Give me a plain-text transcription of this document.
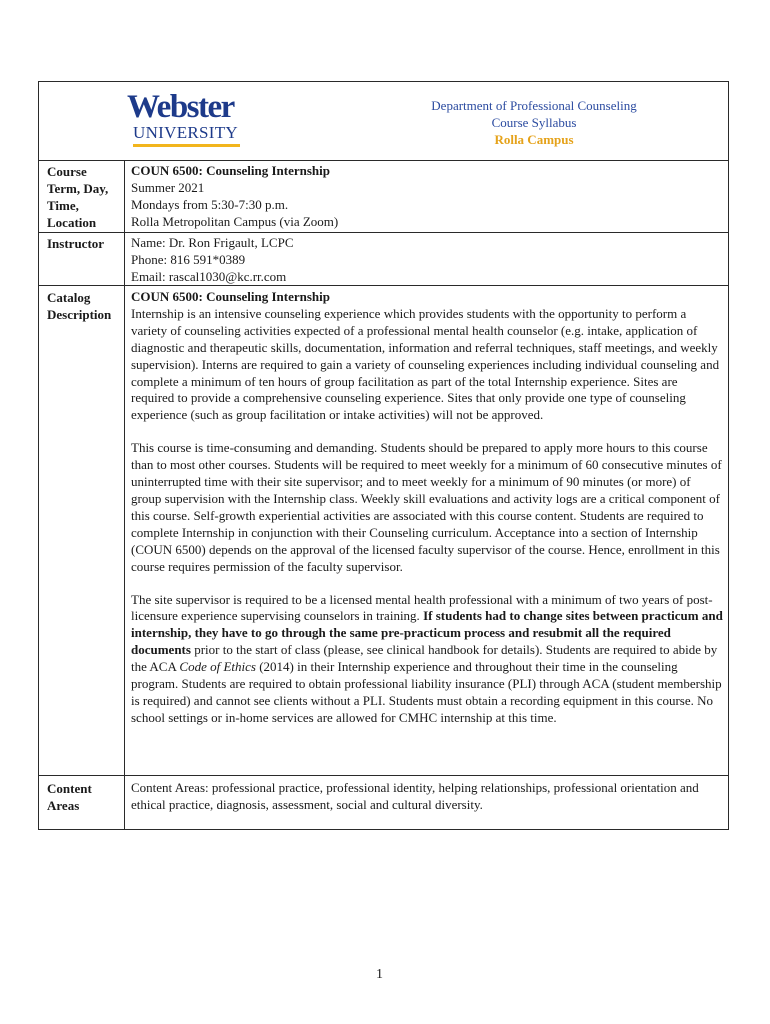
Webster
UNIVERSITY
Department of Professional Counseling
Course Syllabus
Rolla Campus
Course	COUN 6500: Counseling Internship
Term, Day,
Time,
Location
Summer 2021
Mondays from 5:30-7:30 p.m.
Rolla Metropolitan Campus (via Zoom)
Instructor Name: Dr. Ron Frigault, LCPC
Phone: 816 591*0389
Email: rascal1030@kc.rr.com
Catalog
Description
COUN 6500: Counseling Internship

Internship is an intensive counseling experience which provides students with the opportunity to perform a variety of counseling activities expected of a professional mental health counselor (e.g. intake, application of diagnostic and therapeutic skills, documentation, information and referral techniques, staff meetings, and weekly supervision). Interns are required to gain a variety of counseling experiences including individual counseling and complete a minimum of ten hours of group facilitation as part of the total Internship experience. Sites are required to provide a comprehensive counseling experience. Sites that only provide one type of counseling experience (such as group facilitation or intake activities) will not be approved.

This course is time-consuming and demanding. Students should be prepared to apply more hours to this course than to most other courses. Students will be required to meet weekly for a minimum of 60 consecutive minutes of uninterrupted time with their site supervisor; and to meet weekly for a minimum of 90 minutes (or more) of group supervision with the Internship class. Weekly skill evaluations and activity logs are a critical component of this course. Self-growth experiential activities are associated with this course content. Students are required to complete Internship in conjunction with their Counseling curriculum. Acceptance into a section of Internship (COUN 6500) depends on the approval of the licensed faculty supervisor of the course. Hence, enrollment in this course requires permission of the faculty supervisor.

The site supervisor is required to be a licensed mental health professional with a minimum of two years of post-licensure experience supervising counselors in training. If students had to change sites between practicum and internship, they have to go through the same pre-practicum process and resubmit all the required documents prior to the start of class (please, see clinical handbook for details). Students are required to abide by the ACA Code of Ethics (2014) in their Internship experience and throughout their time in the counseling program. Students are required to obtain professional liability insurance (PLI) through ACA (student membership is required) and cannot see clients without a PLI. Students must obtain a recording equipment in this course. No school settings or in-home services are allowed for CMHC internship at this time.

Content
Areas
Content Areas: professional practice, professional identity, helping relationships, professional orientation and ethical practice, diagnosis, assessment, social and cultural diversity.
1
